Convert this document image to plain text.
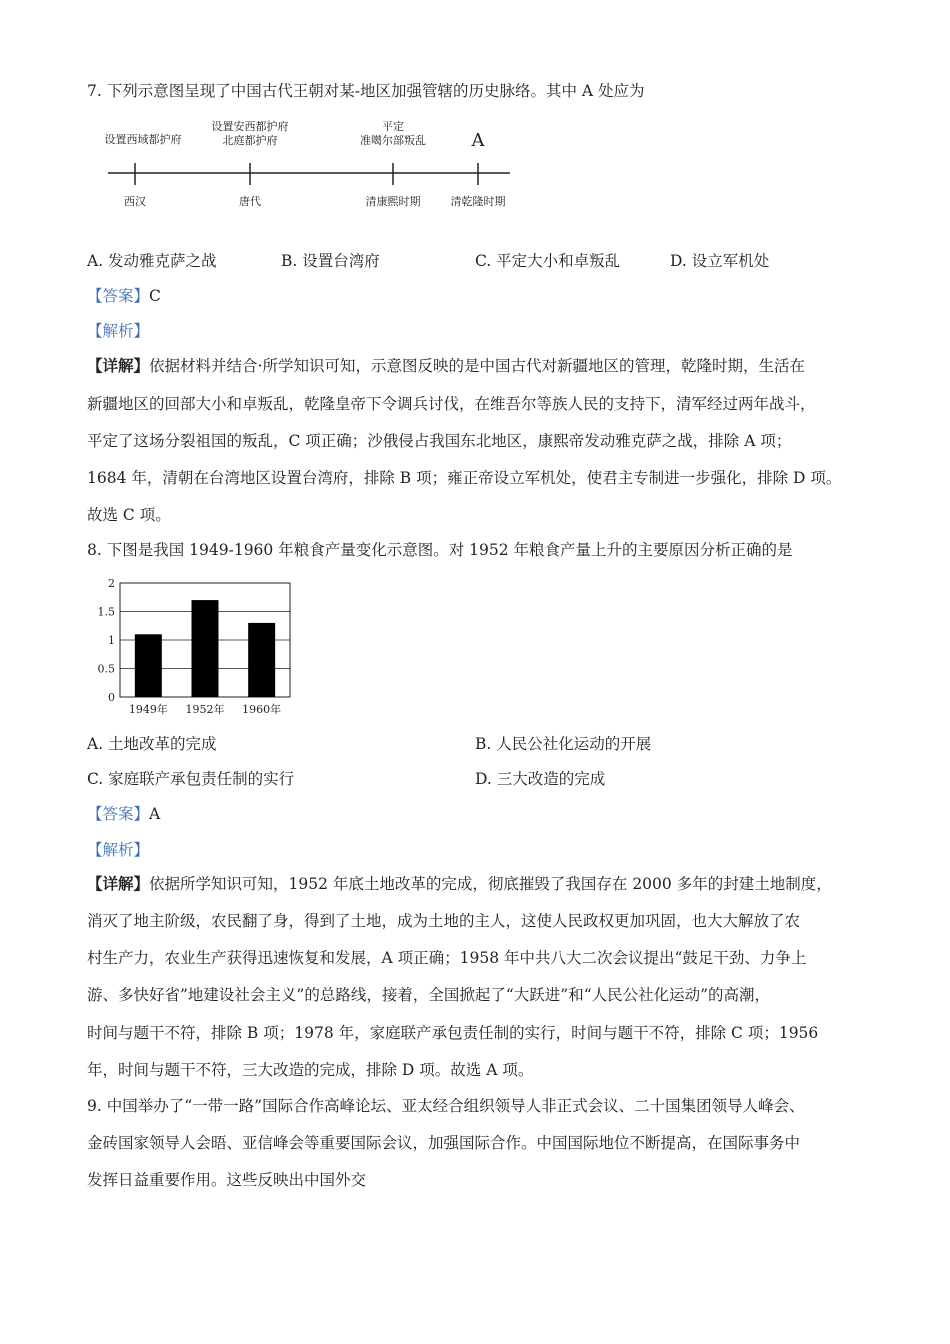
7. 下列示意图呈现了中国古代王朝对某-地区加强管辖的历史脉络。其中 A 处应为
设置西域都护府
设置安西都护府
北庭都护府
平定
准噶尔部叛乱	A
西汉	唐代	清康熙时期	清乾隆时期
A. 发动雅克萨之战	B. 设置台湾府	C. 平定大小和卓叛乱	D. 设立军机处
【答案】C
【解析】
【详解】依据材料并结合·所学知识可知，示意图反映的是中国古代对新疆地区的管理，乾隆时期，生活在
新疆地区的回部大小和卓叛乱，乾隆皇帝下令调兵讨伐，在维吾尔等族人民的支持下，清军经过两年战斗，
平定了这场分裂祖国的叛乱，C 项正确；沙俄侵占我国东北地区，康熙帝发动雅克萨之战，排除 A 项；
1684 年，清朝在台湾地区设置台湾府，排除 B 项；雍正帝设立军机处，使君主专制进一步强化，排除 D 项。
故选 C 项。
8. 下图是我国 1949-1960 年粮食产量变化示意图。对 1952 年粮食产量上升的主要原因分析正确的是
0
0.5
1
1.5
2
1949年 1952年 1960年
A. 土地改革的完成	B. 人民公社化运动的开展
C. 家庭联产承包责任制的实行	D. 三大改造的完成
【答案】A
【解析】
【详解】依据所学知识可知，1952 年底土地改革的完成，彻底摧毁了我国存在 2000 多年的封建土地制度，
消灭了地主阶级，农民翻了身，得到了土地，成为土地的主人，这使人民政权更加巩固，也大大解放了农
村生产力，农业生产获得迅速恢复和发展，A 项正确；1958 年中共八大二次会议提出“鼓足干劲、力争上
游、多快好省”地建设社会主义”的总路线，接着，全国掀起了“大跃进”和“人民公社化运动”的高潮，
时间与题干不符，排除 B 项；1978 年，家庭联产承包责任制的实行，时间与题干不符，排除 C 项；1956
年，时间与题干不符，三大改造的完成，排除 D 项。故选 A 项。
9. 中国举办了“一带一路”国际合作高峰论坛、亚太经合组织领导人非正式会议、二十国集团领导人峰会、
金砖国家领导人会晤、亚信峰会等重要国际会议，加强国际合作。中国国际地位不断提高，在国际事务中
发挥日益重要作用。这些反映出中国外交
